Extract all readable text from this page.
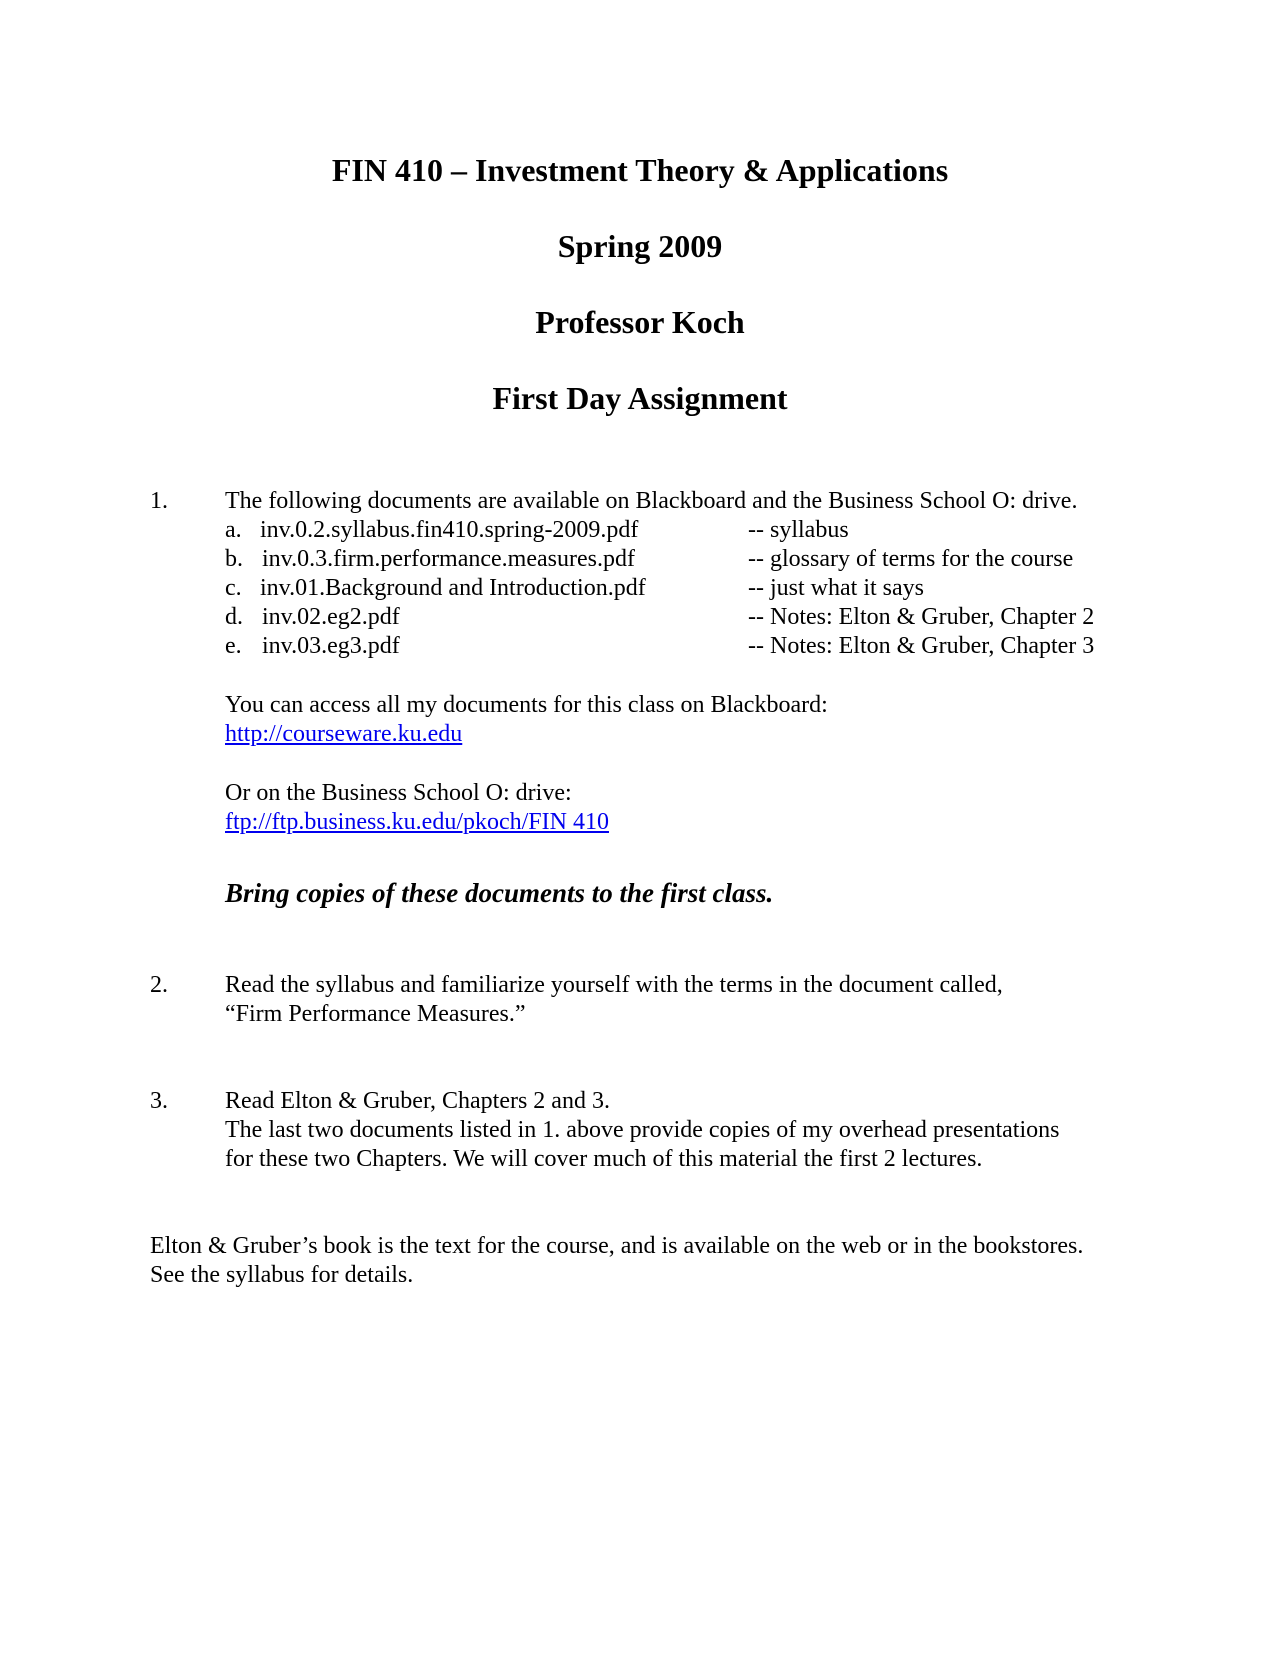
FIN 410 – Investment Theory & Applications
Spring 2009
Professor Koch
First Day Assignment
1. The following documents are available on Blackboard and the Business School O: drive.
a. inv.0.2.syllabus.fin410.spring-2009.pdf	-- syllabus
b. inv.0.3.firm.performance.measures.pdf	-- glossary of terms for the course
c. inv.01.Background and Introduction.pdf	-- just what it says
d. inv.02.eg2.pdf	-- Notes: Elton & Gruber, Chapter 2
e. inv.03.eg3.pdf	-- Notes: Elton & Gruber, Chapter 3
You can access all my documents for this class on Blackboard:
http://courseware.ku.edu
Or on the Business School O: drive:
ftp://ftp.business.ku.edu/pkoch/FIN 410
Bring copies of these documents to the first class.
2. Read the syllabus and familiarize yourself with the terms in the document called,
“Firm Performance Measures.”
3. Read Elton & Gruber, Chapters 2 and 3.
The last two documents listed in 1. above provide copies of my overhead presentations
for these two Chapters. We will cover much of this material the first 2 lectures.
Elton & Gruber’s book is the text for the course, and is available on the web or in the bookstores.
See the syllabus for details.
